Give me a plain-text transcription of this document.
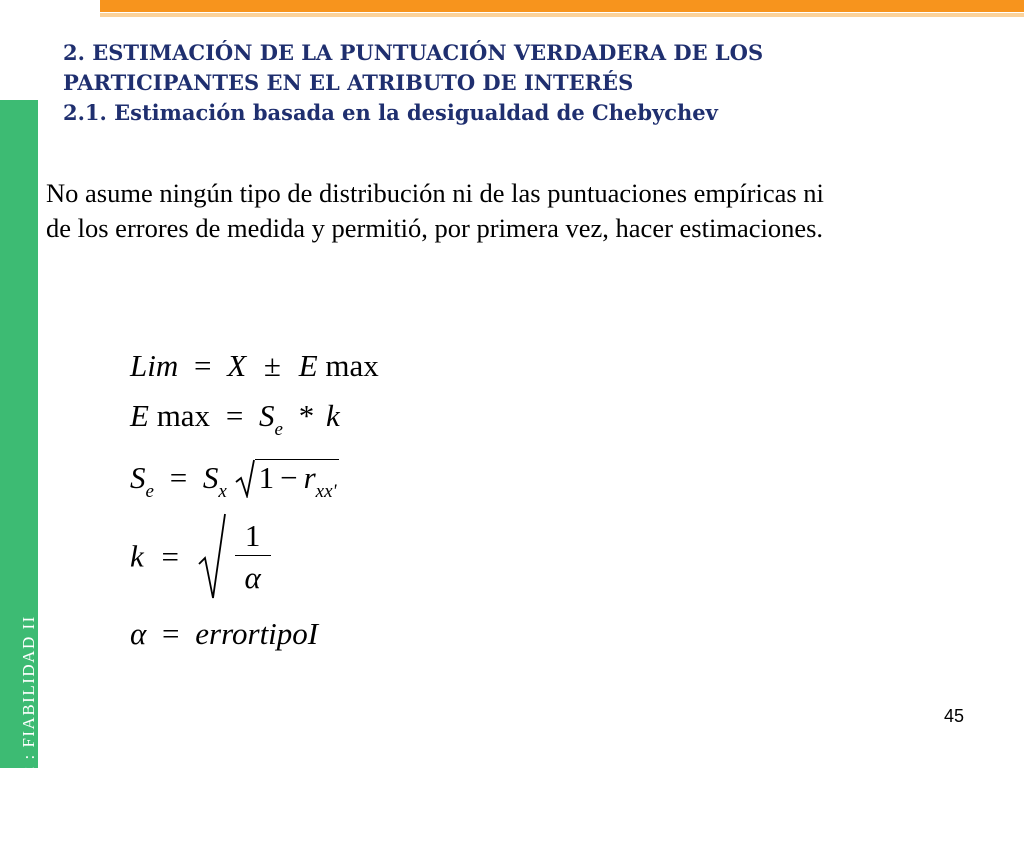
TEMA 5.2 : FIABILIDAD II
2. ESTIMACIÓN DE LA PUNTUACIÓN VERDADERA DE LOS
PARTICIPANTES EN EL ATRIBUTO DE INTERÉS
2.1. Estimación basada en la desigualdad de Chebychev
No asume ningún tipo de distribución ni de las puntuaciones empíricas ni
de los errores de medida y permitió, por primera vez, hacer estimaciones.
Lim = X ± E max
E $\max = S_e * k$
$S_e = S_x$ $1 - r_{xx'}$
$k = \frac{1}{\alpha}$
α = errortipoI
45
